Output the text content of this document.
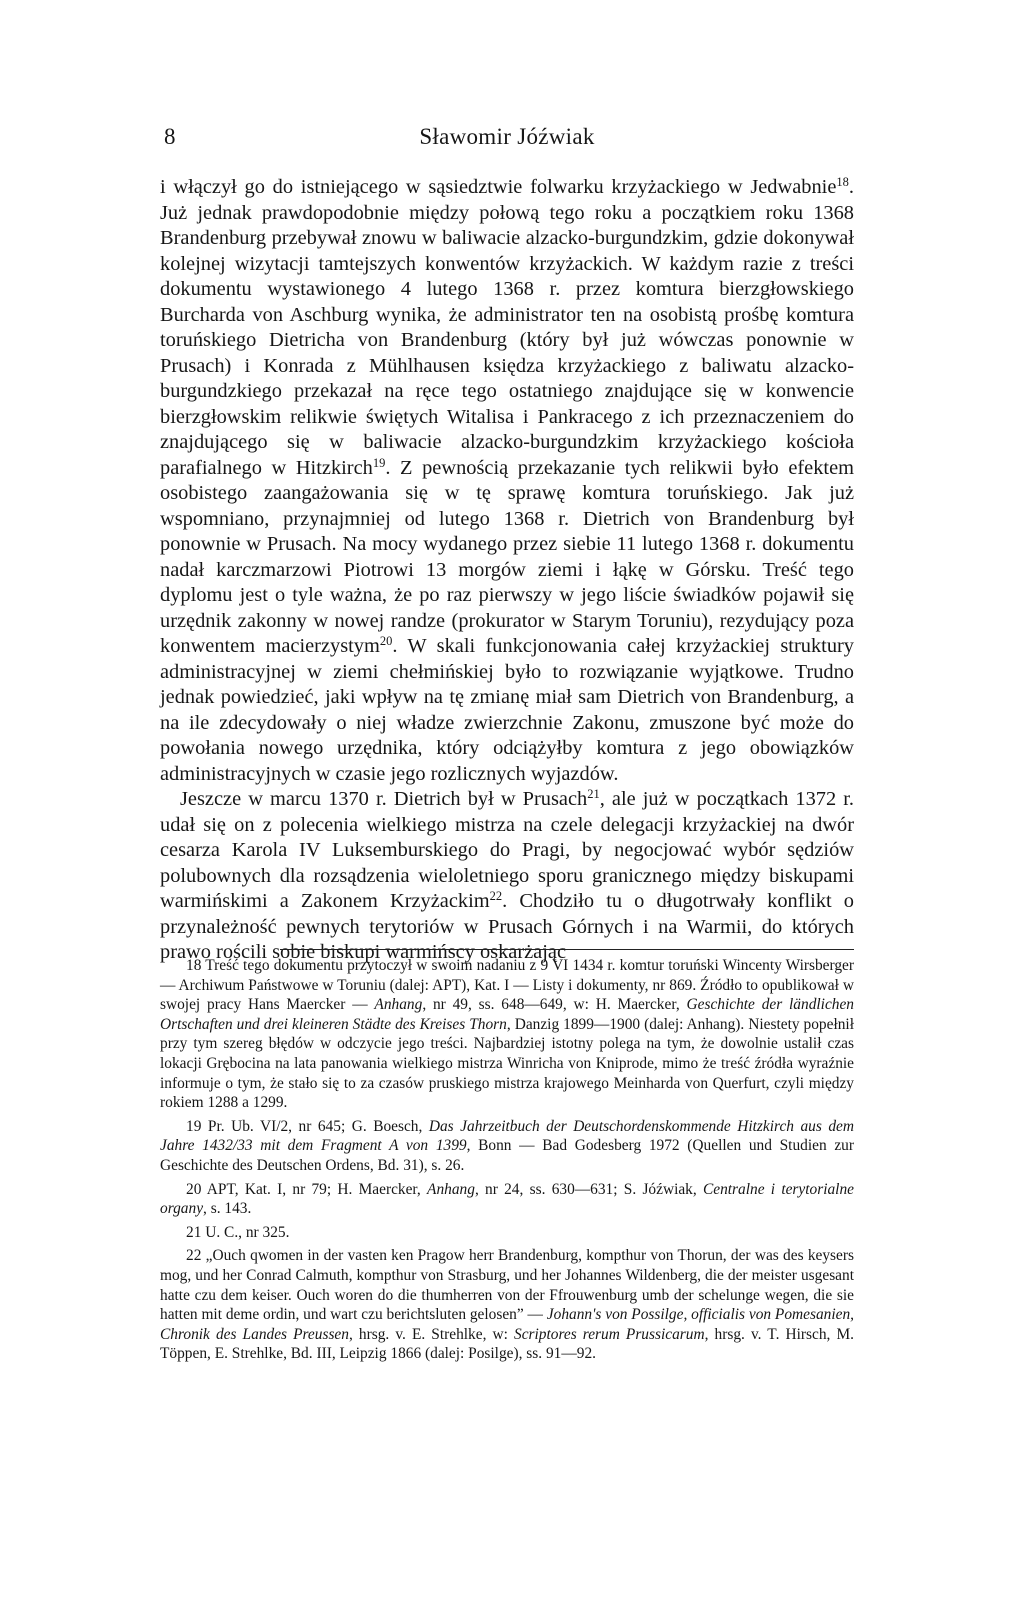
8	Sławomir Jóźwiak

i włączył go do istniejącego w sąsiedztwie folwarku krzyżackiego w Jedwabnie$^{18}$. Już jednak prawdopodobnie między połową tego roku a początkiem roku 1368 Brandenburg przebywał znowu w baliwacie alzacko-burgundzkim, gdzie dokonywał kolejnej wizytacji tamtejszych konwentów krzyżackich. W każdym razie z treści dokumentu wystawionego 4 lutego 1368 r. przez komtura bierzgłowskiego Burcharda von Aschburg wynika, że administrator ten na osobistą prośbę komtura toruńskiego Dietricha von Brandenburg (który był już wówczas ponownie w Prusach) i Konrada z Mühlhausen księdza krzyżackiego z baliwatu alzacko-burgundzkiego przekazał na ręce tego ostatniego znajdujące się w konwencie bierzgłowskim relikwie świętych Witalisa i Pankracego z ich przeznaczeniem do znajdującego się w baliwacie alzacko-burgundzkim krzyżackiego kościoła parafialnego w Hitzkirch$^{19}$. Z pewnością przekazanie tych relikwii było efektem osobistego zaangażowania się w tę sprawę komtura toruńskiego. Jak już wspomniano, przynajmniej od lutego 1368 r. Dietrich von Brandenburg był ponownie w Prusach. Na mocy wydanego przez siebie 11 lutego 1368 r. dokumentu nadał karczmarzowi Piotrowi 13 morgów ziemi i łąkę w Górsku. Treść tego dyplomu jest o tyle ważna, że po raz pierwszy w jego liście świadków pojawił się urzędnik zakonny w nowej randze (prokurator w Starym Toruniu), rezydujący poza konwentem macierzystym$^{20}$. W skali funkcjonowania całej krzyżackiej struktury administracyjnej w ziemi chełmińskiej było to rozwiązanie wyjątkowe. Trudno jednak powiedzieć, jaki wpływ na tę zmianę miał sam Dietrich von Brandenburg, a na ile zdecydowały o niej władze zwierzchnie Zakonu, zmuszone być może do powołania nowego urzędnika, który odciążyłby komtura z jego obowiązków administracyjnych w czasie jego rozlicznych wyjazdów.

Jeszcze w marcu 1370 r. Dietrich był w Prusach$^{21}$, ale już w początkach 1372 r. udał się on z polecenia wielkiego mistrza na czele delegacji krzyżackiej na dwór cesarza Karola IV Luksemburskiego do Pragi, by negocjować wybór sędziów polubownych dla rozsądzenia wieloletniego sporu granicznego między biskupami warmińskimi a Zakonem Krzyżackim$^{22}$. Chodziło tu o długotrwały konflikt o przynależność pewnych terytoriów w Prusach Górnych i na Warmii, do których prawo rościli sobie biskupi warmińscy oskarżając

18 Treść tego dokumentu przytoczył w swoim nadaniu z 9 VI 1434 r. komtur toruński Wincenty Wirsberger — Archiwum Państwowe w Toruniu (dalej: APT), Kat. I — Listy i dokumenty, nr 869. Źródło to opublikował w swojej pracy Hans Maercker — Anhang, nr 49, ss. 648—649, w: H. Maercker, Geschichte der ländlichen Ortschaften und drei kleineren Städte des Kreises Thorn, Danzig 1899—1900 (dalej: Anhang). Niestety popełnił przy tym szereg błędów w odczycie jego treści. Najbardziej istotny polega na tym, że dowolnie ustalił czas lokacji Grębocina na lata panowania wielkiego mistrza Winricha von Kniprode, mimo że treść źródła wyraźnie informuje o tym, że stało się to za czasów pruskiego mistrza krajowego Meinharda von Querfurt, czyli między rokiem 1288 a 1299.

19 Pr. Ub. VI/2, nr 645; G. Boesch, Das Jahrzeitbuch der Deutschordenskommende Hitzkirch aus dem Jahre 1432/33 mit dem Fragment A von 1399, Bonn — Bad Godesberg 1972 (Quellen und Studien zur Geschichte des Deutschen Ordens, Bd. 31), s. 26.

20 APT, Kat. I, nr 79; H. Maercker, Anhang, nr 24, ss. 630—631; S. Jóźwiak, Centralne i terytorialne organy, s. 143.

21 U. C., nr 325.

22 „Ouch qwomen in der vasten ken Pragow herr Brandenburg, kompthur von Thorun, der was des keysers mog, und her Conrad Calmuth, kompthur von Strasburg, und her Johannes Wildenberg, die der meister usgesant hatte czu dem keiser. Ouch woren do die thumherren von der Ffrouwenburg umb der schelunge wegen, die sie hatten mit deme ordin, und wart czu berichtsluten gelosen” — Johann's von Possilge, officialis von Pomesanien, Chronik des Landes Preussen, hrsg. v. E. Strehlke, w: Scriptores rerum Prussicarum, hrsg. v. T. Hirsch, M. Töppen, E. Strehlke, Bd. III, Leipzig 1866 (dalej: Posilge), ss. 91—92.
